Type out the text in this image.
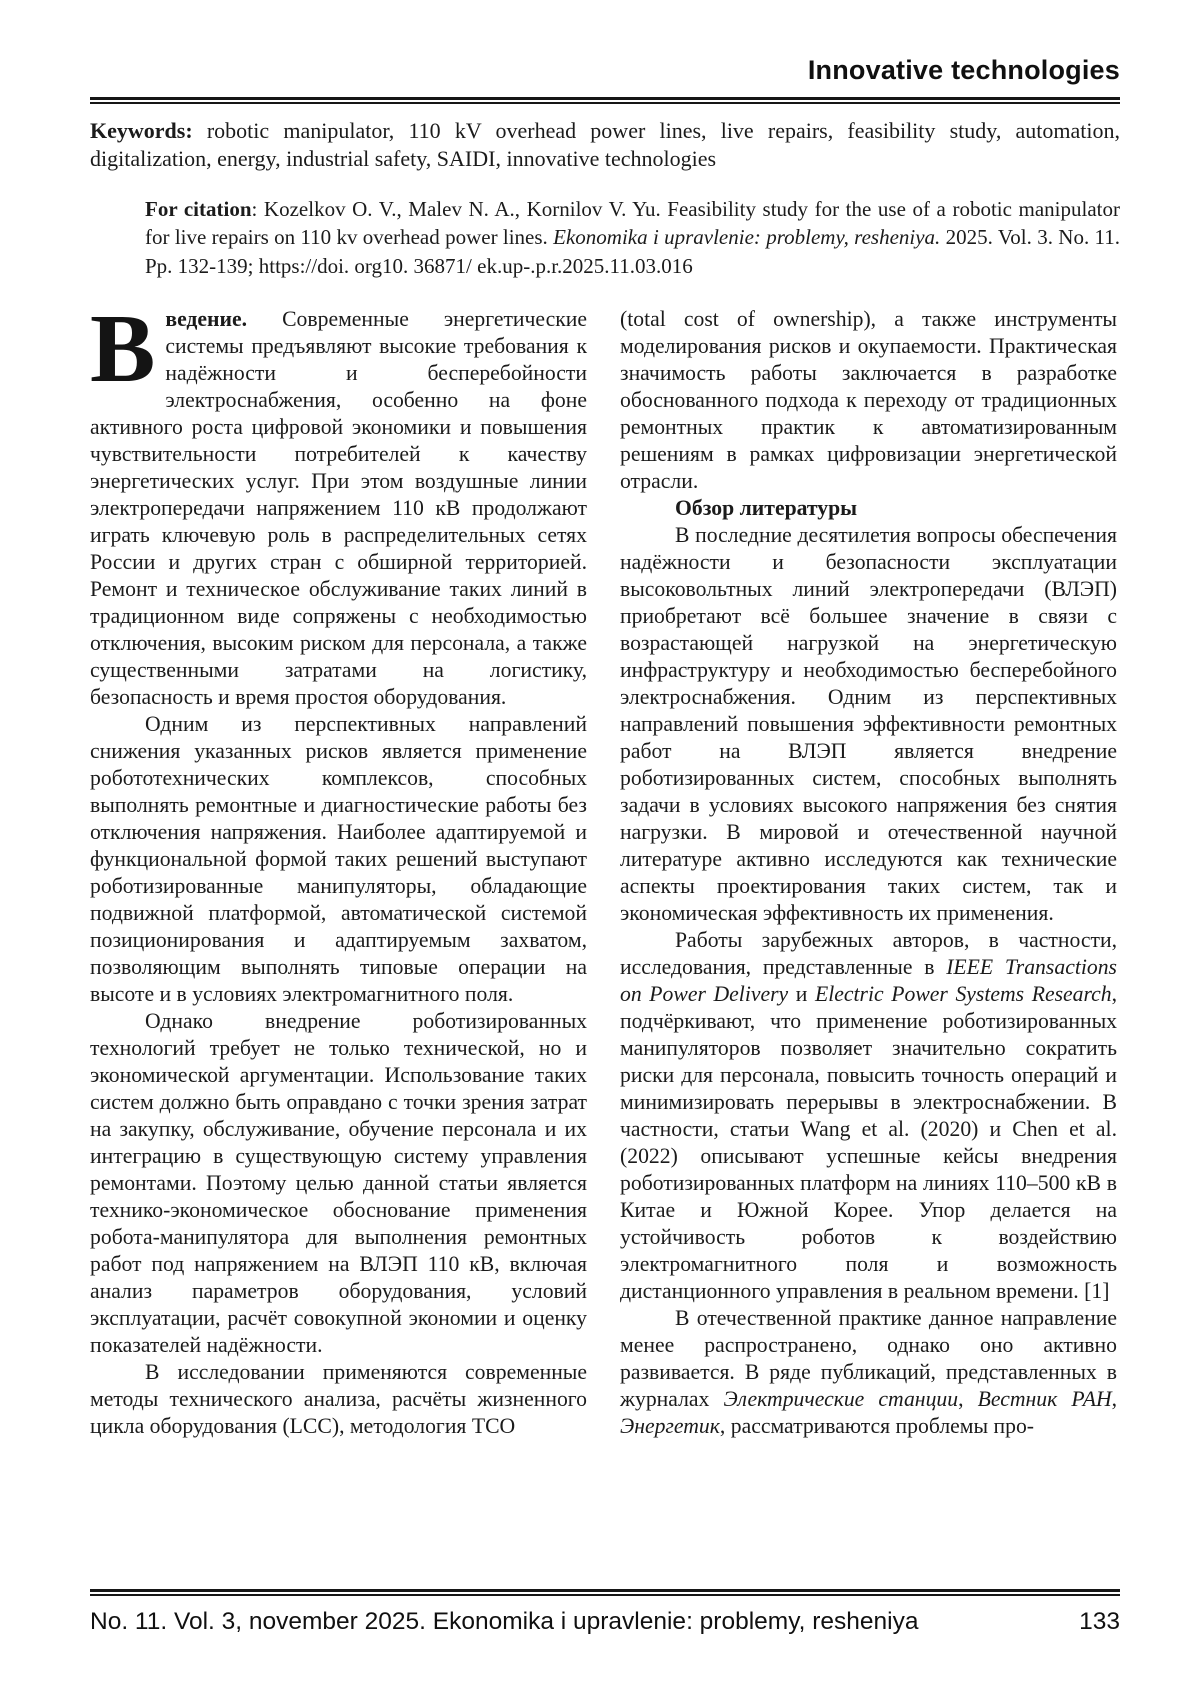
Innovative technologies

Keywords: robotic manipulator, 110 kV overhead power lines, live repairs, feasibility study, automation, digitalization, energy, industrial safety, SAIDI, innovative technologies

For citation: Kozelkov O. V., Malev N. A., Kornilov V. Yu. Feasibility study for the use of a robotic manipulator for live repairs on 110 kv overhead power lines. Ekonomika i upravlenie: problemy, resheniya. 2025. Vol. 3. No. 11. Pp. 132-139; https://doi. org10. 36871/ ek.up-.p.r.2025.11.03.016

Введение. Современные энергетические системы предъявляют высокие требования к надёжности и бесперебойности электроснабжения, особенно на фоне активного роста цифровой экономики и повышения чувствительности потребителей к качеству энергетических услуг. При этом воздушные линии электропередачи напряжением 110 кВ продолжают играть ключевую роль в распределительных сетях России и других стран с обширной территорией. Ремонт и техническое обслуживание таких линий в традиционном виде сопряжены с необходимостью отключения, высоким риском для персонала, а также существенными затратами на логистику, безопасность и время простоя оборудования.

Одним из перспективных направлений снижения указанных рисков является применение робототехнических комплексов, способных выполнять ремонтные и диагностические работы без отключения напряжения. Наиболее адаптируемой и функциональной формой таких решений выступают роботизированные манипуляторы, обладающие подвижной платформой, автоматической системой позиционирования и адаптируемым захватом, позволяющим выполнять типовые операции на высоте и в условиях электромагнитного поля.

Однако внедрение роботизированных технологий требует не только технической, но и экономической аргументации. Использование таких систем должно быть оправдано с точки зрения затрат на закупку, обслуживание, обучение персонала и их интеграцию в существующую систему управления ремонтами. Поэтому целью данной статьи является технико-экономическое обоснование применения робота-манипулятора для выполнения ремонтных работ под напряжением на ВЛЭП 110 кВ, включая анализ параметров оборудования, условий эксплуатации, расчёт совокупной экономии и оценку показателей надёжности.

В исследовании применяются современные методы технического анализа, расчёты жизненного цикла оборудования (LCC), методология TCO

(total cost of ownership), а также инструменты моделирования рисков и окупаемости. Практическая значимость работы заключается в разработке обоснованного подхода к переходу от традиционных ремонтных практик к автоматизированным решениям в рамках цифровизации энергетической отрасли.

Обзор литературы

В последние десятилетия вопросы обеспечения надёжности и безопасности эксплуатации высоковольтных линий электропередачи (ВЛЭП) приобретают всё большее значение в связи с возрастающей нагрузкой на энергетическую инфраструктуру и необходимостью бесперебойного электроснабжения. Одним из перспективных направлений повышения эффективности ремонтных работ на ВЛЭП является внедрение роботизированных систем, способных выполнять задачи в условиях высокого напряжения без снятия нагрузки. В мировой и отечественной научной литературе активно исследуются как технические аспекты проектирования таких систем, так и экономическая эффективность их применения.

Работы зарубежных авторов, в частности, исследования, представленные в IEEE Transactions on Power Delivery и Electric Power Systems Research, подчёркивают, что применение роботизированных манипуляторов позволяет значительно сократить риски для персонала, повысить точность операций и минимизировать перерывы в электроснабжении. В частности, статьи Wang et al. (2020) и Chen et al. (2022) описывают успешные кейсы внедрения роботизированных платформ на линиях 110–500 кВ в Китае и Южной Корее. Упор делается на устойчивость роботов к воздействию электромагнитного поля и возможность дистанционного управления в реальном времени. [1]

В отечественной практике данное направление менее распространено, однако оно активно развивается. В ряде публикаций, представленных в журналах Электрические станции, Вестник РАН, Энергетик, рассматриваются проблемы про-

No. 11. Vol. 3, november 2025. Ekonomika i upravlenie: problemy, resheniya	133
